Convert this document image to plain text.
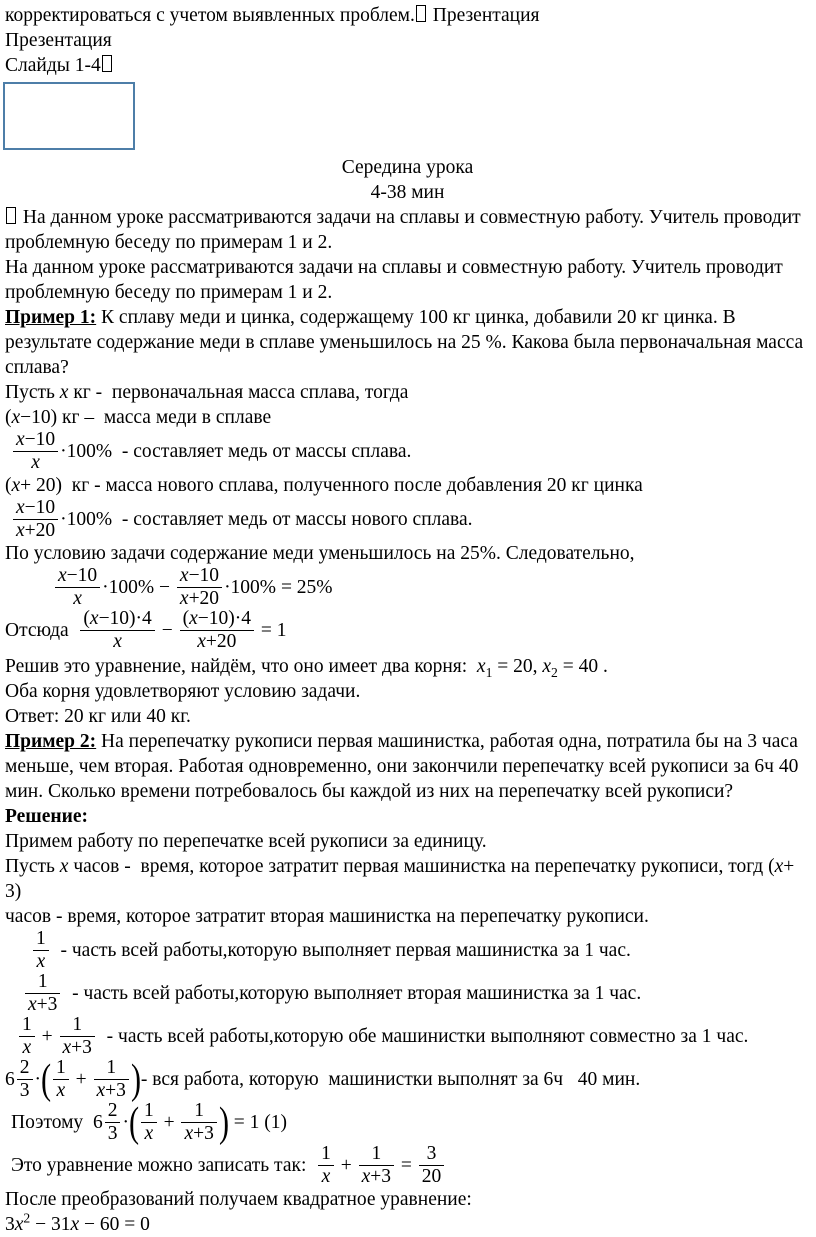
корректироваться с учетом выявленных проблем. Презентация

Презентация

Слайды 1-4

Середина урока

4-38 мин

На данном уроке рассматриваются задачи на сплавы и совместную работу. Учитель проводит проблемную беседу по примерам 1 и 2.

На данном уроке рассматриваются задачи на сплавы и совместную работу. Учитель проводит проблемную беседу по примерам 1 и 2.

Пример 1: К сплаву меди и цинка, содержащему 100 кг цинка, добавили 20 кг цинка. В результате содержание меди в сплаве уменьшилось на 25 %. Какова была первоначальная масса сплава?

Пусть x кг -  первоначальная масса сплава, тогда

(x−10) кг –  масса меди в сплаве

$\frac{x-10}{x} \cdot 100\%$ - составляет медь от массы сплава.

(x+ 20)  кг - масса нового сплава, полученного после добавления 20 кг цинка

$\frac{x-10}{x+20} \cdot 100\%$ - составляет медь от массы нового сплава.

По условию задачи содержание меди уменьшилось на 25%. Следовательно,

$\frac{x-10}{x} \cdot 100\% - \frac{x-10}{x+20} \cdot 100\% = 25\%$
Отсюда $\frac{(x-10)\cdot 4}{x} - \frac{(x-10)\cdot 4}{x+20} = 1$

Решив это уравнение, найдём, что оно имеет два корня:  $x_1 = 20$, $x_2 = 40$ .

Оба корня удовлетворяют условию задачи.

Ответ: 20 кг или 40 кг.

Пример 2: На перепечатку рукописи первая машинистка, работая одна, потратила бы на 3 часа меньше, чем вторая. Работая одновременно, они закончили перепечатку всей рукописи за 6ч 40 мин. Сколько времени потребовалось бы каждой из них на перепечатку всей рукописи?

Решение:

Примем работу по перепечатке всей рукописи за единицу.

Пусть x часов -  время, которое затратит первая машинистка на перепечатку рукописи, тогд (x+ 3)

часов - время, которое затратит вторая машинистка на перепечатку рукописи.

$\frac{1}{x}$ - часть всей работы,которую выполняет первая машинистка за 1 час.
$\frac{1}{x+3}$ - часть всей работы,которую выполняет вторая машинистка за 1 час.
$\frac{1}{x} + \frac{1}{x+3}$ - часть всей работы,которую обе машинистки выполняют совместно за 1 час.
$6 \frac{2}{3}$ · ( $\frac{1}{x} + \frac{1}{x+3}$ ) - вся работа, которую  машинистки выполнят за 6ч   40 мин.
Поэтому $6 \frac{2}{3}$ · ( $\frac{1}{x} + \frac{1}{x+3}$ ) = 1 (1)
Это уравнение можно записать так: $\frac{1}{x} + \frac{1}{x+3} = \frac{3}{20}$

После преобразований получаем квадратное уравнение:

$3x^2 - 31x - 60 = 0$
